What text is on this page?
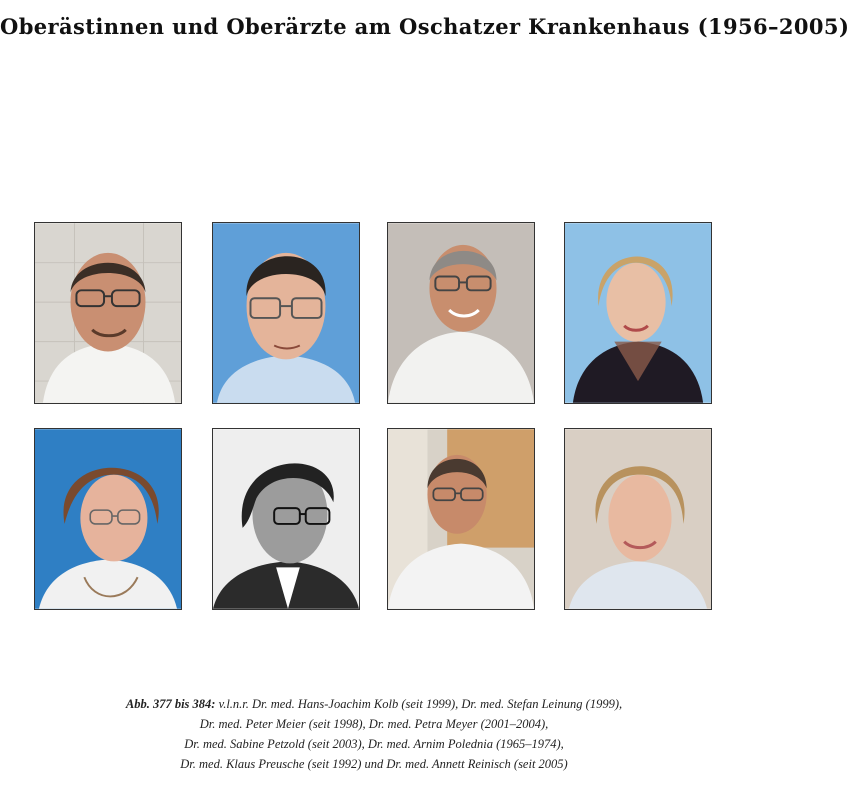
Oberästinnen und Oberärzte am Oschatzer Krankenhaus (1956–2005)
Abb. 377 bis 384: v.l.n.r. Dr. med. Hans-Joachim Kolb (seit 1999), Dr. med. Stefan Leinung (1999),
Dr. med. Peter Meier (seit 1998), Dr. med. Petra Meyer (2001–2004),
Dr. med. Sabine Petzold (seit 2003), Dr. med. Arnim Polednia (1965–1974),
Dr. med. Klaus Preusche (seit 1992) und Dr. med. Annett Reinisch (seit 2005)
